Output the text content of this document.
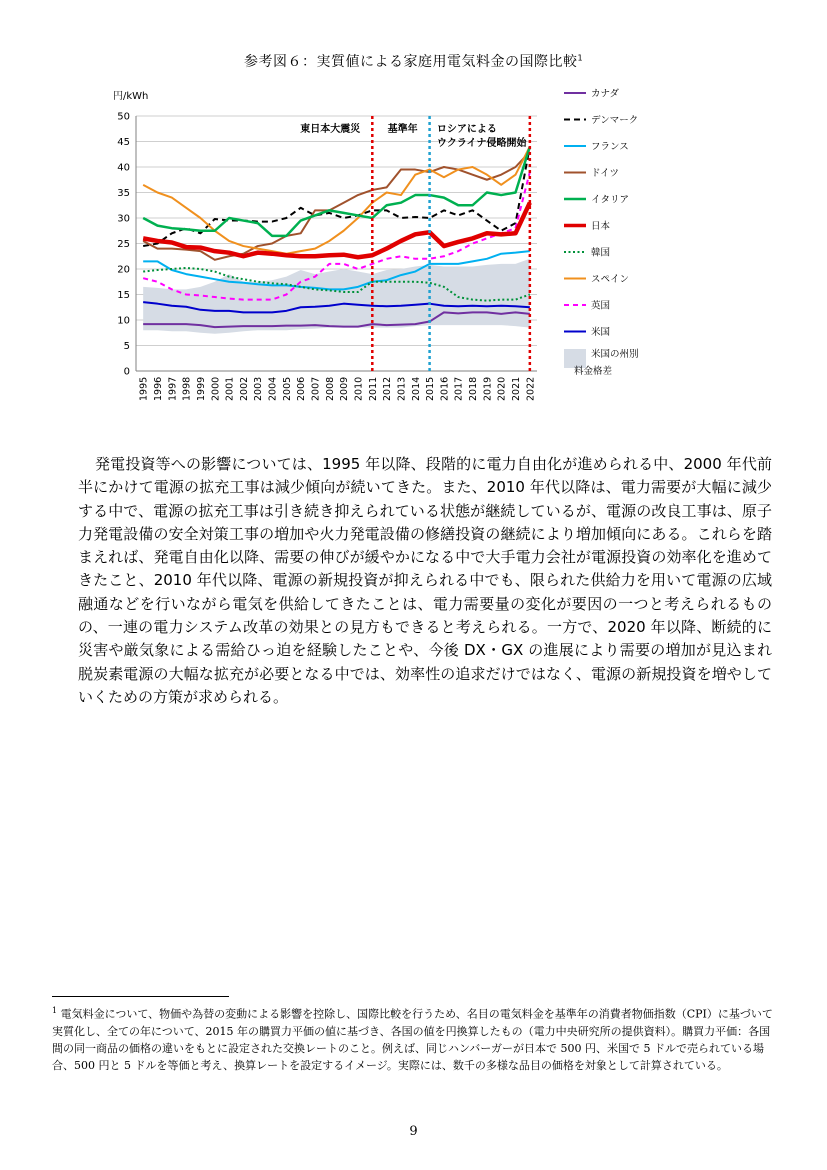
参考図６：実質値による家庭用電気料金の国際比較$^1$
円/kWh
0
5
10
15
20
25
30
35
40
45
50
1995 1996 1997 1998 1999 2000 2001 2002 2003 2004 2005 2006 2007 2008 2009 2010 2011 2012 2013 2014 2015 2016 2017 2018 2019 2020 2021 2022
東日本大震災	基準年 ロシアによるウクライナ侵略開始
カナダ
デンマーク
フランス
ドイツ
イタリア
日本
韓国
スペイン
英国
米国
米国の州別料金格差
発電投資等への影響については、1995 年以降、段階的に電力自由化が進められる中、2000 年代前半にかけて電源の拡充工事は減少傾向が続いてきた。また、2010 年代以降は、電力需要が大幅に減少する中で、電源の拡充工事は引き続き抑えられている状態が継続しているが、電源の改良工事は、原子力発電設備の安全対策工事の増加や火力発電設備の修繕投資の継続により増加傾向にある。これらを踏まえれば、発電自由化以降、需要の伸びが緩やかになる中で大手電力会社が電源投資の効率化を進めてきたこと、2010 年代以降、電源の新規投資が抑えられる中でも、限られた供給力を用いて電源の広域融通などを行いながら電気を供給してきたことは、電力需要量の変化が要因の一つと考えられるものの、一連の電力システム改革の効果との見方もできると考えられる。一方で、2020 年以降、断続的に災害や厳気象による需給ひっ迫を経験したことや、今後 DX・GX の進展により需要の増加が見込まれ脱炭素電源の大幅な拡充が必要となる中では、効率性の追求だけではなく、電源の新規投資を増やしていくための方策が求められる。
$^1$ 電気料金について、物価や為替の変動による影響を控除し、国際比較を行うため、名目の電気料金を基準年の消費者物価指数（CPI）に基づいて実質化し、全ての年について、2015 年の購買力平価の値に基づき、各国の値を円換算したもの（電力中央研究所の提供資料）。購買力平価：各国間の同一商品の価格の違いをもとに設定された交換レートのこと。例えば、同じハンバーガーが日本で 500 円、米国で 5 ドルで売られている場合、500 円と 5 ドルを等価と考え、換算レートを設定するイメージ。実際には、数千の多様な品目の価格を対象として計算されている。
9
